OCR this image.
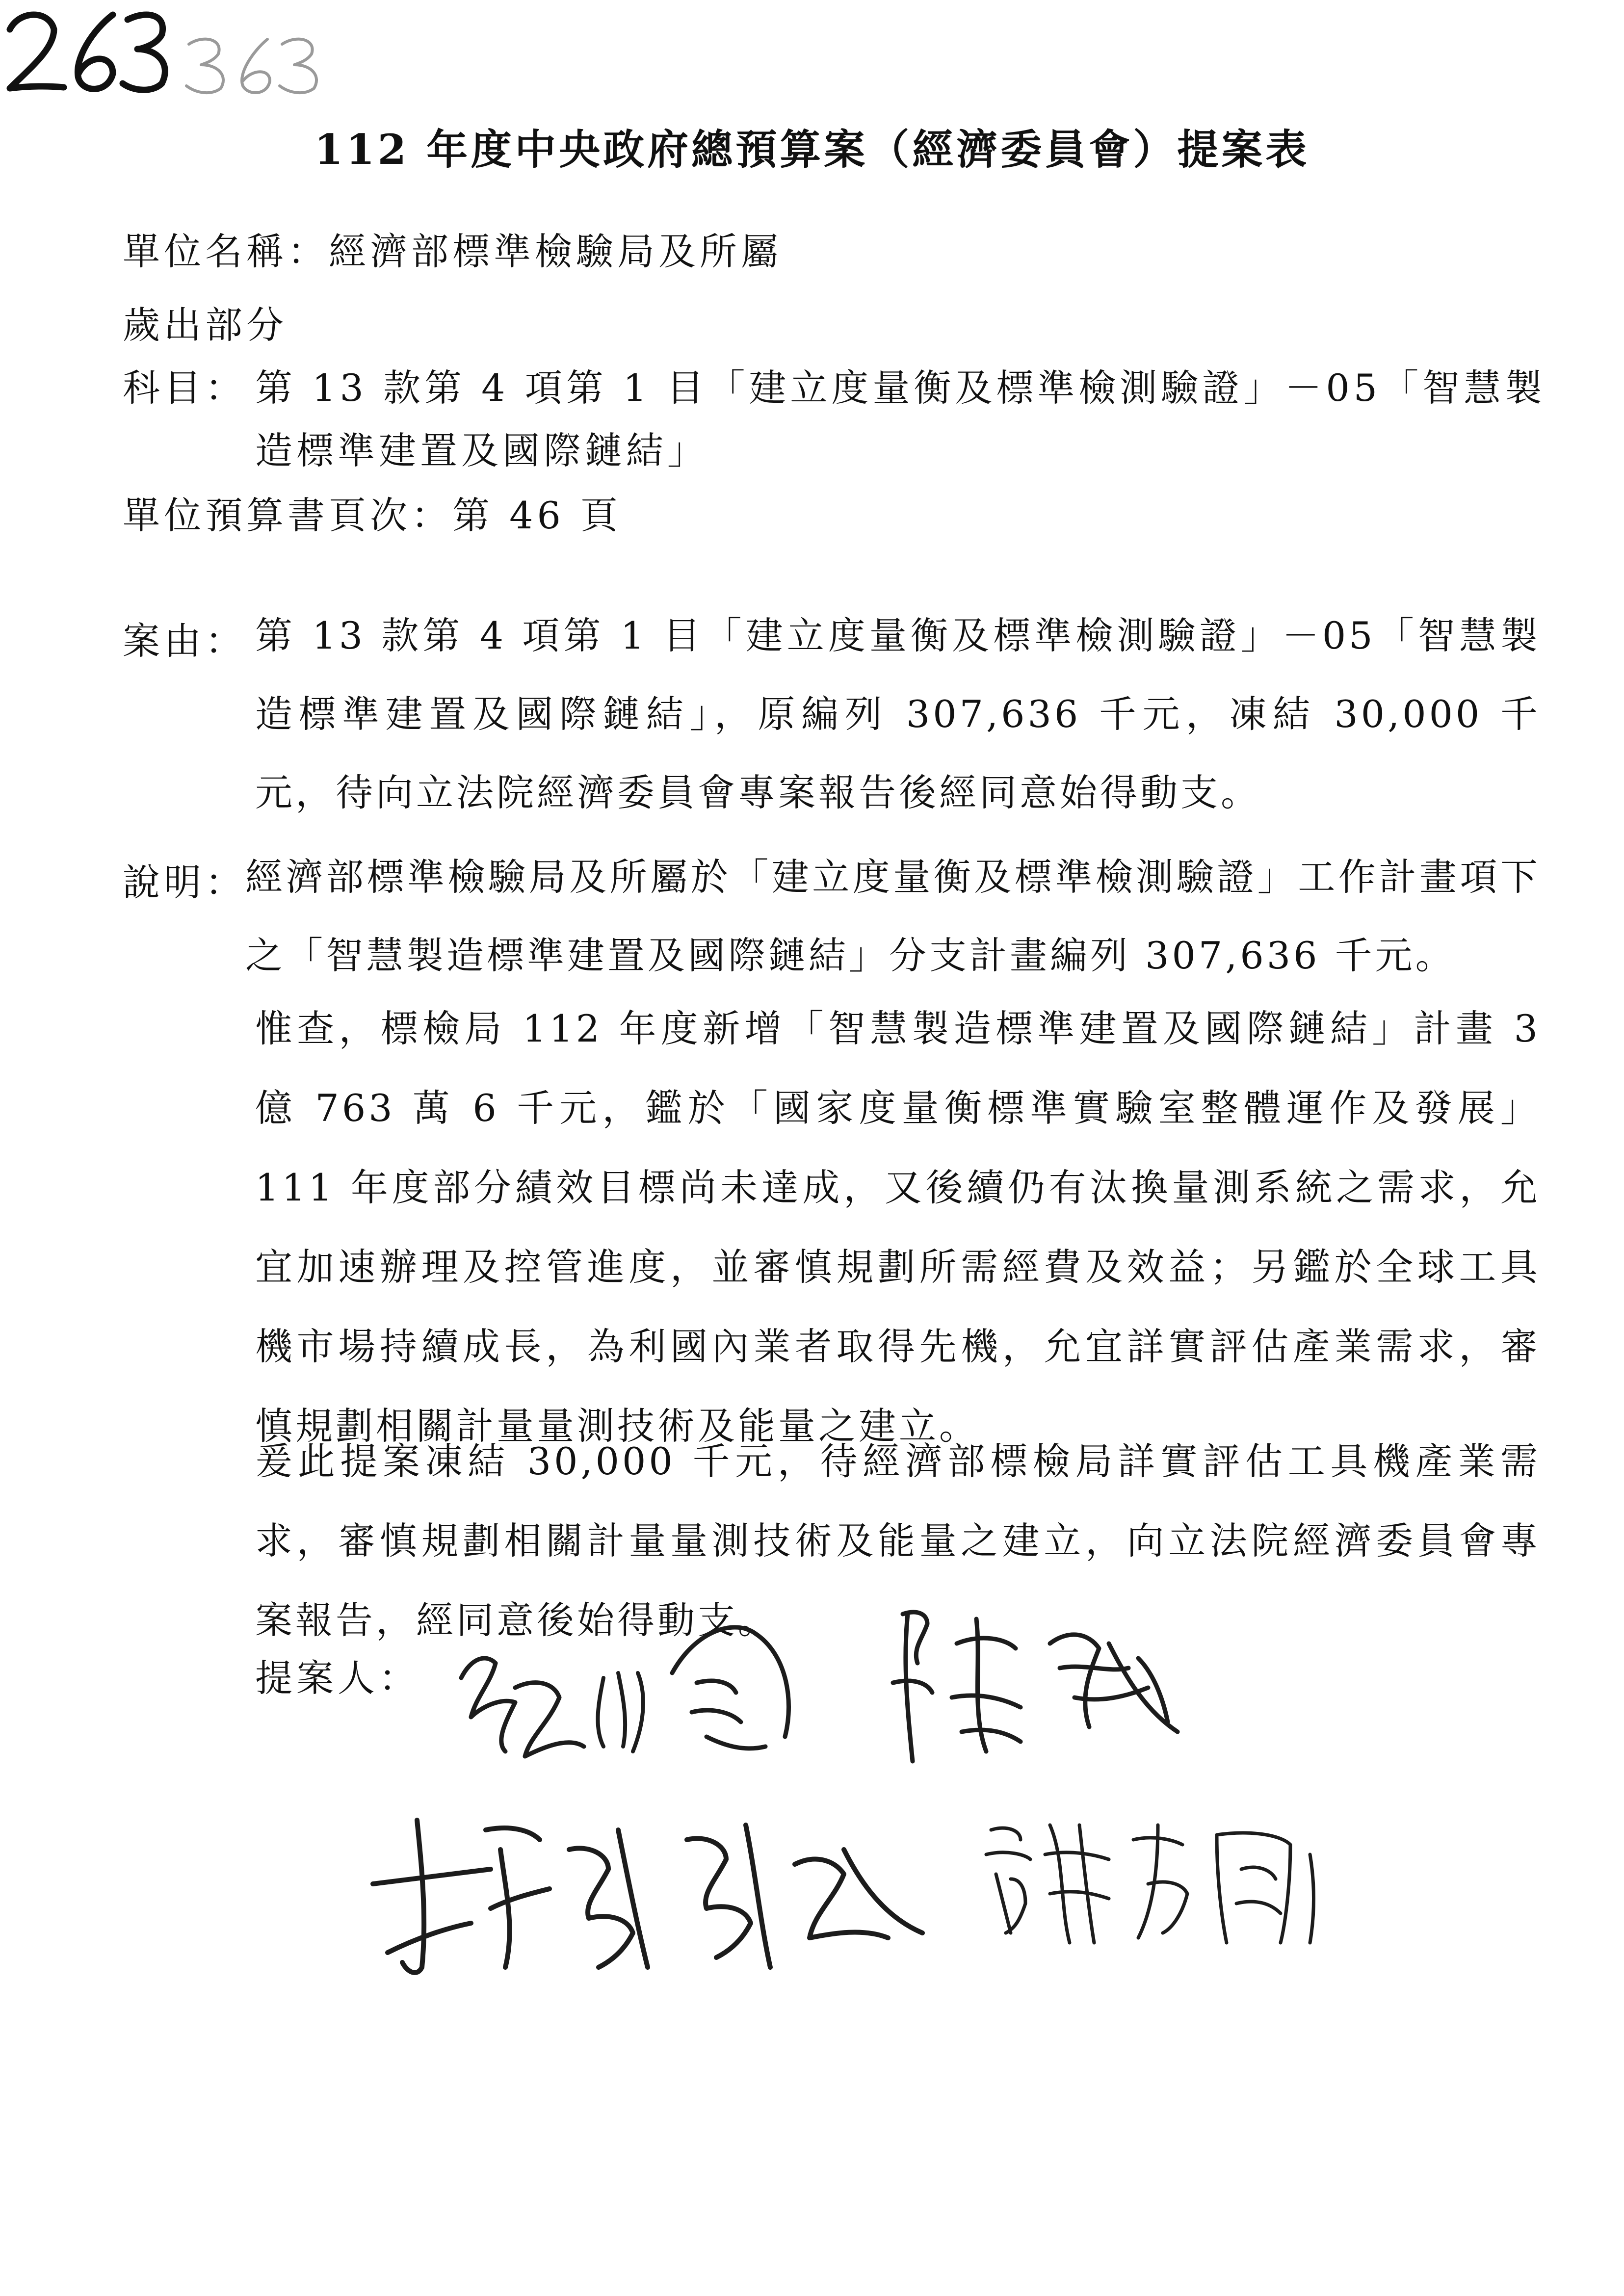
112 年度中央政府總預算案（經濟委員會）提案表
單位名稱：經濟部標準檢驗局及所屬
歲出部分
科目： 第 13 款第 4 項第 1 目「建立度量衡及標準檢測驗證」－05「智慧製
造標準建置及國際鏈結」
單位預算書頁次：第 46 頁
案由： 第 13 款第 4 項第 1 目「建立度量衡及標準檢測驗證」－05「智慧製造標準建置及國際鏈結」，原編列 307,636 千元，凍結 30,000 千元，待向立法院經濟委員會專案報告後經同意始得動支。
說明：
經濟部標準檢驗局及所屬於「建立度量衡及標準檢測驗證」工作計畫項下之「智慧製造標準建置及國際鏈結」分支計畫編列 307,636 千元。
惟查，標檢局 112 年度新增「智慧製造標準建置及國際鏈結」計畫 3 億 763 萬 6 千元，鑑於「國家度量衡標準實驗室整體運作及發展」111 年度部分績效目標尚未達成，又後續仍有汰換量測系統之需求，允宜加速辦理及控管進度，並審慎規劃所需經費及效益；另鑑於全球工具機市場持續成長，為利國內業者取得先機，允宜詳實評估產業需求，審慎規劃相關計量量測技術及能量之建立。
爰此提案凍結 30,000 千元，待經濟部標檢局詳實評估工具機產業需求，審慎規劃相關計量量測技術及能量之建立，向立法院經濟委員會專案報告，經同意後始得動支。
提案人：
